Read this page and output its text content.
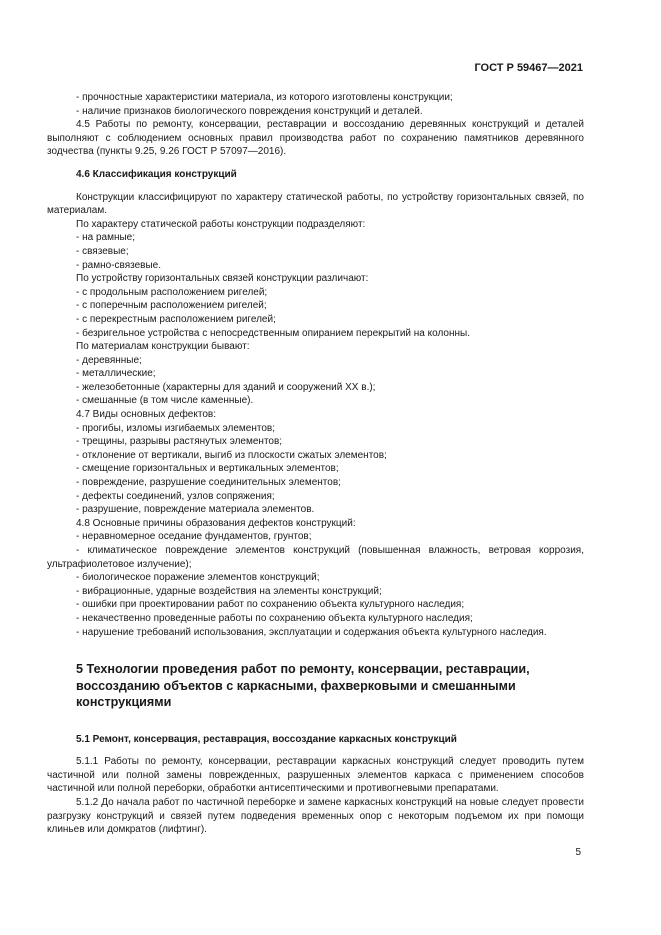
ГОСТ Р 59467—2021

- прочностные характеристики материала, из которого изготовлены конструкции;

- наличие признаков биологического повреждения конструкций и деталей.

4.5 Работы по ремонту, консервации, реставрации и воссозданию деревянных конструкций и деталей выполняют с соблюдением основных правил производства работ по сохранению памятников деревянного зодчества (пункты 9.25, 9.26 ГОСТ Р 57097—2016).

4.6 Классификация конструкций

Конструкции классифицируют по характеру статической работы, по устройству горизонтальных связей, по материалам.

По характеру статической работы конструкции подразделяют:

- на рамные;

- связевые;

- рамно-связевые.

По устройству горизонтальных связей конструкции различают:

- с продольным расположением ригелей;

- с поперечным расположением ригелей;

- с перекрестным расположением ригелей;

- безригельное устройства с непосредственным опиранием перекрытий на колонны.

По материалам конструкции бывают:

- деревянные;

- металлические;

- железобетонные (характерны для зданий и сооружений XX в.);

- смешанные (в том числе каменные).

4.7 Виды основных дефектов:

- прогибы, изломы изгибаемых элементов;

- трещины, разрывы растянутых элементов;

- отклонение от вертикали, выгиб из плоскости сжатых элементов;

- смещение горизонтальных и вертикальных элементов;

- повреждение, разрушение соединительных элементов;

- дефекты соединений, узлов сопряжения;

- разрушение, повреждение материала элементов.

4.8 Основные причины образования дефектов конструкций:

- неравномерное оседание фундаментов, грунтов;

- климатическое повреждение элементов конструкций (повышенная влажность, ветровая коррозия, ультрафиолетовое излучение);

- биологическое поражение элементов конструкций;

- вибрационные, ударные воздействия на элементы конструкций;

- ошибки при проектировании работ по сохранению объекта культурного наследия;

- некачественно проведенные работы по сохранению объекта культурного наследия;

- нарушение требований использования, эксплуатации и содержания объекта культурного наследия.

5 Технологии проведения работ по ремонту, консервации, реставрации, воссозданию объектов с каркасными, фахверковыми и смешанными конструкциями

5.1 Ремонт, консервация, реставрация, воссоздание каркасных конструкций

5.1.1 Работы по ремонту, консервации, реставрации каркасных конструкций следует проводить путем частичной или полной замены поврежденных, разрушенных элементов каркаса с применением способов частичной или полной переборки, обработки антисептическими и противогневыми препаратами.

5.1.2 До начала работ по частичной переборке и замене каркасных конструкций на новые следует провести разгрузку конструкций и связей путем подведения временных опор с некоторым подъемом их при помощи клиньев или домкратов (лифтинг).

5
